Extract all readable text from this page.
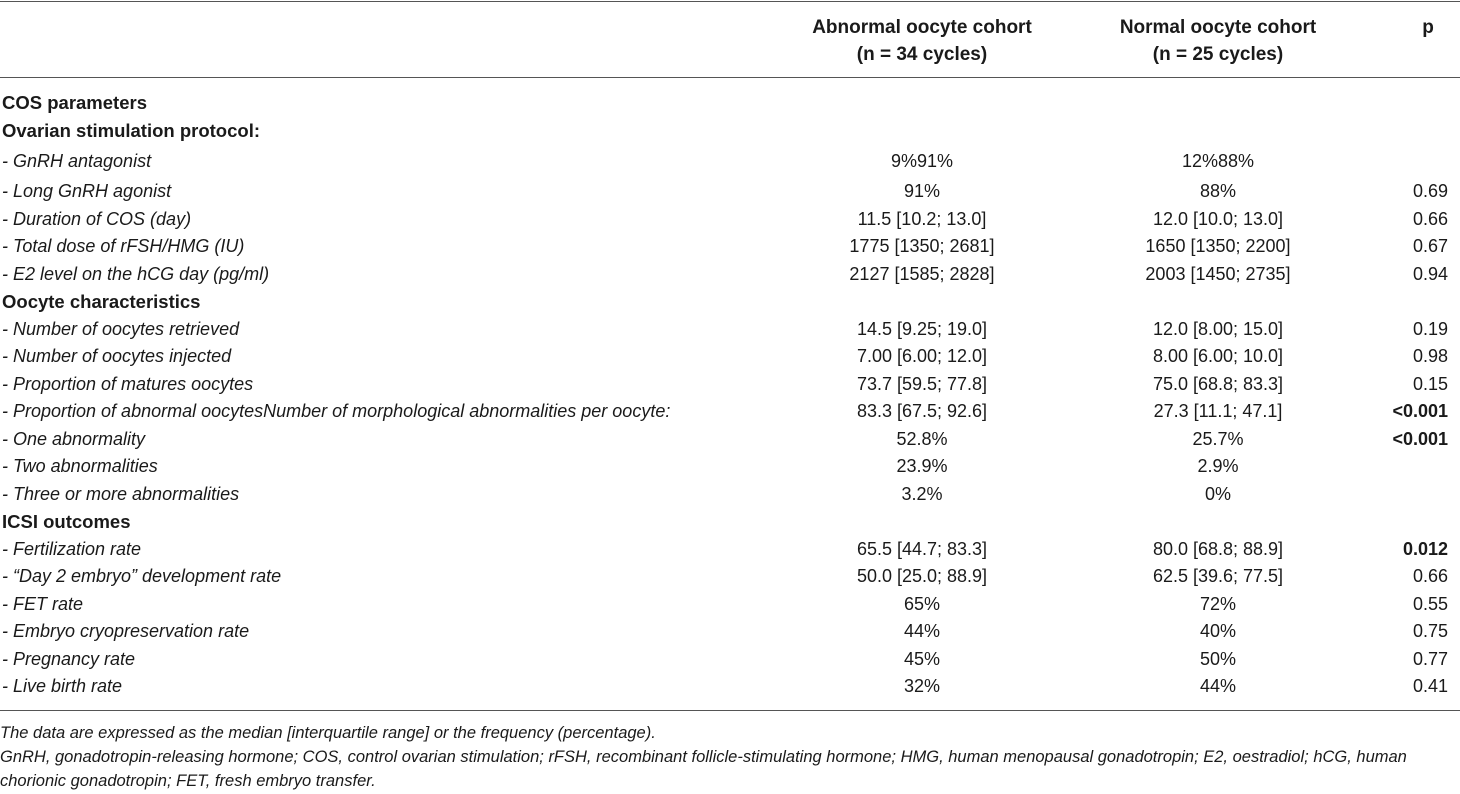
Abnormal oocyte cohort
(n = 34 cycles)
Normal oocyte cohort
(n = 25 cycles)
p
COS parameters
Ovarian stimulation protocol:
- GnRH antagonist	9%91%	12%88%
- Long GnRH agonist	91%	88%	0.69
- Duration of COS (day)	11.5 [10.2; 13.0]	12.0 [10.0; 13.0]	0.66
- Total dose of rFSH/HMG (IU)	1775 [1350; 2681]	1650 [1350; 2200]	0.67
- E2 level on the hCG day (pg/ml)	2127 [1585; 2828]	2003 [1450; 2735]	0.94
Oocyte characteristics
- Number of oocytes retrieved	14.5 [9.25; 19.0]	12.0 [8.00; 15.0]	0.19
- Number of oocytes injected	7.00 [6.00; 12.0]	8.00 [6.00; 10.0]	0.98
- Proportion of matures oocytes	73.7 [59.5; 77.8]	75.0 [68.8; 83.3]	0.15
- Proportion of abnormal oocytesNumber of morphological abnormalities per oocyte:	83.3 [67.5; 92.6]	27.3 [11.1; 47.1]	<0.001
- One abnormality	52.8%	25.7%	<0.001
- Two abnormalities	23.9%	2.9%
- Three or more abnormalities	3.2%	0%
ICSI outcomes
- Fertilization rate	65.5 [44.7; 83.3]	80.0 [68.8; 88.9]	0.012
- “Day 2 embryo” development rate	50.0 [25.0; 88.9]	62.5 [39.6; 77.5]	0.66
- FET rate	65%	72%	0.55
- Embryo cryopreservation rate	44%	40%	0.75
- Pregnancy rate	45%	50%	0.77
- Live birth rate	32%	44%	0.41
The data are expressed as the median [interquartile range] or the frequency (percentage).
GnRH, gonadotropin-releasing hormone; COS, control ovarian stimulation; rFSH, recombinant follicle-stimulating hormone; HMG, human menopausal gonadotropin; E2, oestradiol; hCG, human chorionic gonadotropin; FET, fresh embryo transfer.
